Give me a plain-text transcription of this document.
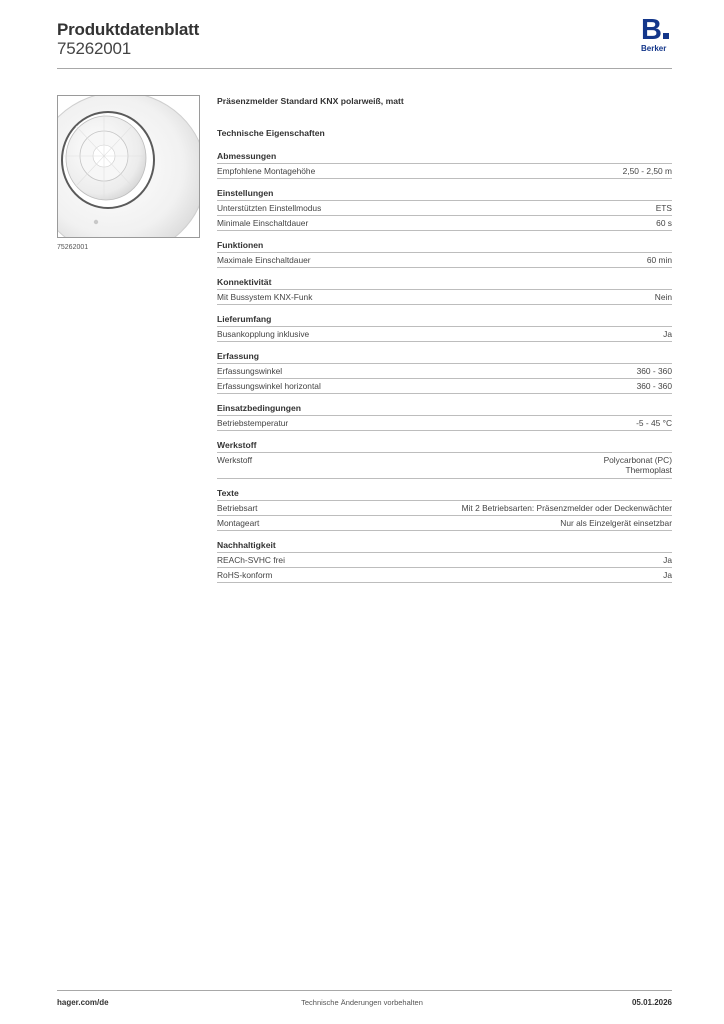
Produktdatenblatt
75262001
B
Berker
75262001
Präsenzmelder Standard KNX polarweiß, matt
Technische Eigenschaften
Abmessungen
Empfohlene Montagehöhe	2,50 - 2,50 m
Einstellungen
Unterstützten Einstellmodus	ETS
Minimale Einschaltdauer	60 s
Funktionen
Maximale Einschaltdauer	60 min
Konnektivität
Mit Bussystem KNX-Funk	Nein
Lieferumfang
Busankopplung inklusive	Ja
Erfassung
Erfassungswinkel	360 - 360
Erfassungswinkel horizontal	360 - 360
Einsatzbedingungen
Betriebstemperatur	-5 - 45 °C
Werkstoff
Werkstoff	Polycarbonat (PC)
Thermoplast
Texte
Betriebsart	Mit 2 Betriebsarten: Präsenzmelder oder Deckenwächter
Montageart	Nur als Einzelgerät einsetzbar
Nachhaltigkeit
REACh-SVHC frei	Ja
RoHS-konform	Ja
hager.com/de	Technische Änderungen vorbehalten	05.01.2026
